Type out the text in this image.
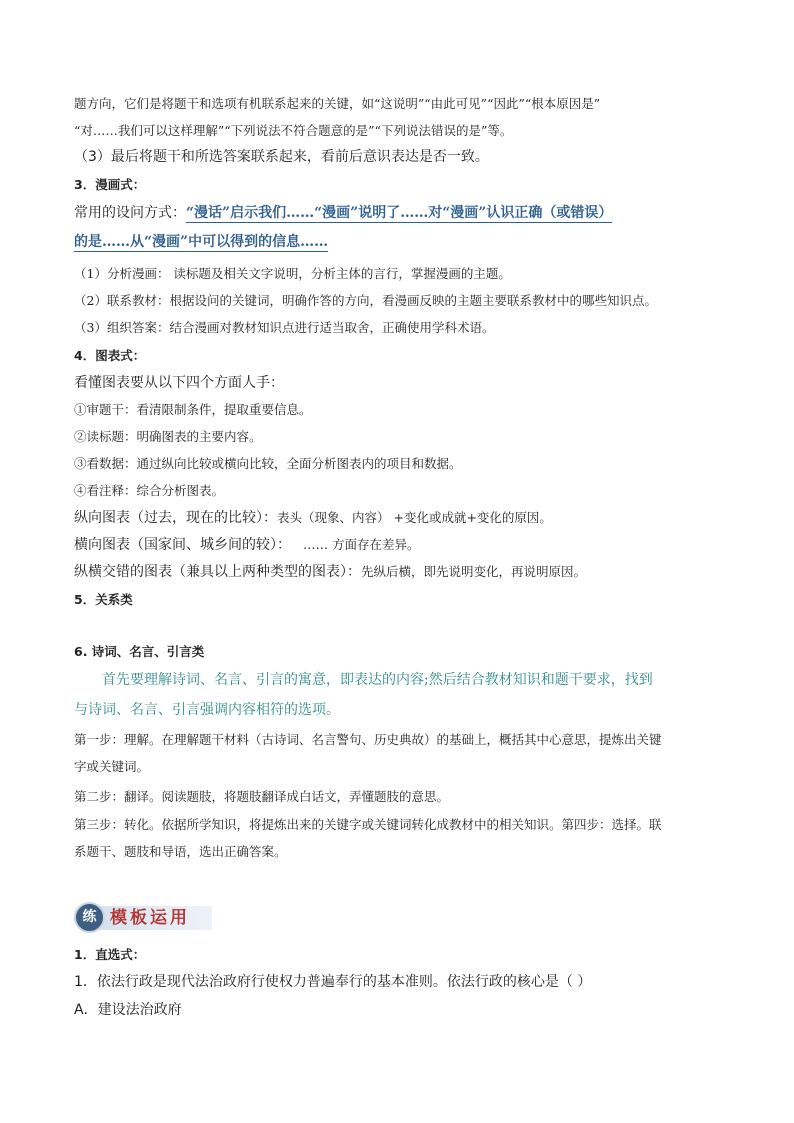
题方向，它们是将题干和选项有机联系起来的关键，如“这说明”“由此可见”“因此”“根本原因是”
“对……我们可以这样理解”“下列说法不符合题意的是”“下列说法错误的是”等。
（3）最后将题干和所选答案联系起来，看前后意识表达是否一致。
3．漫画式：
常用的设问方式：“漫话”启示我们……“漫画”说明了……对“漫画”认识正确（或错误）
的是……从“漫画”中可以得到的信息……
（1）分析漫画： 读标题及相关文字说明，分析主体的言行，掌握漫画的主题。
（2）联系教材：根据设问的关键词，明确作答的方向，看漫画反映的主题主要联系教材中的哪些知识点。
（3）组织答案：结合漫画对教材知识点进行适当取舍，正确使用学科术语。
4．图表式：
看懂图表要从以下四个方面人手：
①审题干：看清限制条件，提取重要信息。
②读标题：明确图表的主要内容。
③看数据：通过纵向比较或横向比较，全面分析图表内的项目和数据。
④看注释：综合分析图表。
纵向图表（过去，现在的比较）：表头（现象、内容） +变化或成就+变化的原因。
横向图表（国家间、城乡间的较）： …… 方面存在差异。
纵横交错的图表（兼具以上两种类型的图表）：先纵后横，即先说明变化，再说明原因。
5．关系类
6. 诗词、名言、引言类
首先要理解诗词、名言、引言的寓意，即表达的内容;然后结合教材知识和题干要求，找到
与诗词、名言、引言强调内容相符的选项。
第一步：理解。在理解题干材料（古诗词、名言警句、历史典故）的基础上，概括其中心意思，提炼出关键
字或关键词。
第二步：翻译。阅读题肢，将题肢翻译成白话文，弄懂题肢的意思。
第三步：转化。依据所学知识，将提炼出来的关键字或关键词转化成教材中的相关知识。第四步：选择。联
系题干、题肢和导语，选出正确答案。
练 模板运用
1．直选式：
1．依法行政是现代法治政府行使权力普遍奉行的基本准则。依法行政的核心是（ ）
A．建设法治政府
